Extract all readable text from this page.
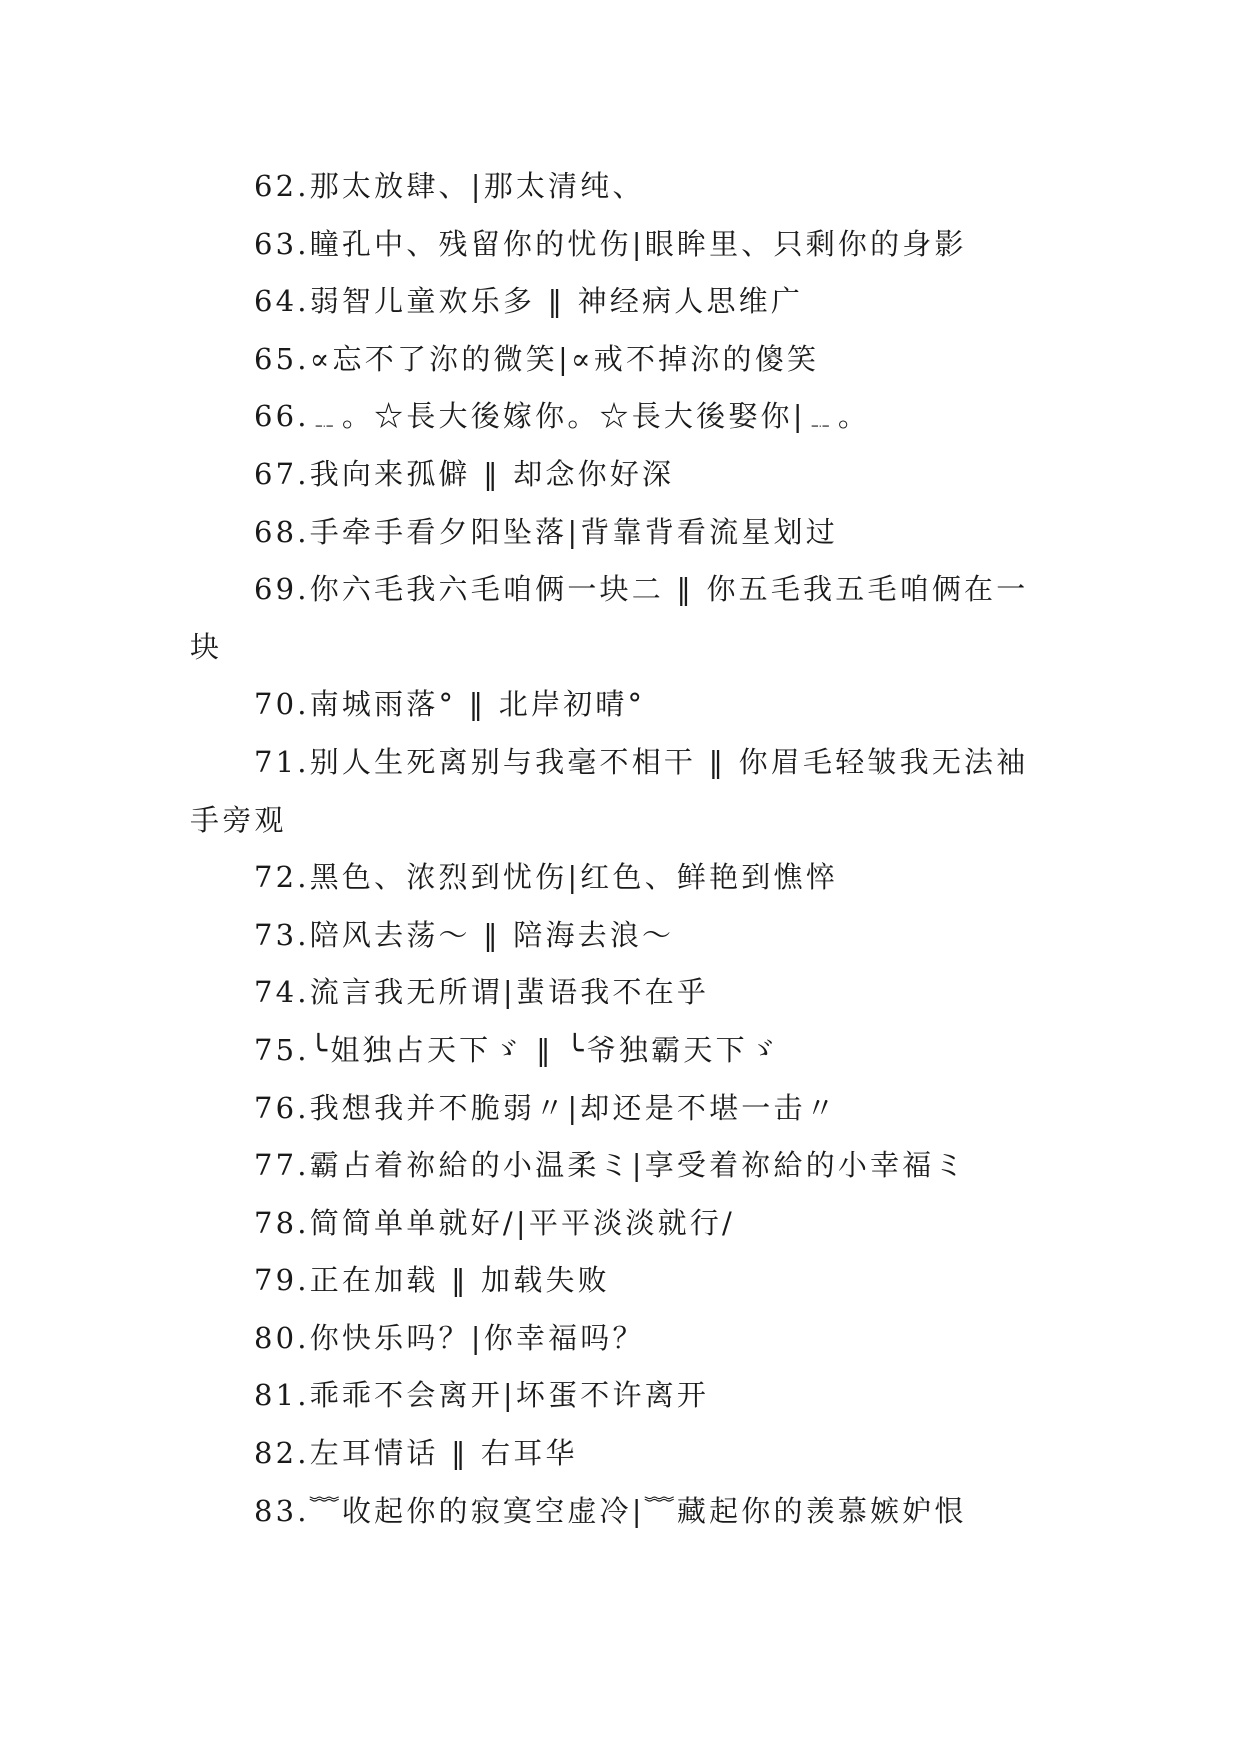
62.那太放肆、|那太清纯、

63.瞳孔中、残留你的忧伤|眼眸里、只剩你的身影

64.弱智儿童欢乐多 ‖ 神经病人思维广

65.∝忘不了沵的微笑|∝戒不掉沵的傻笑

66.﹎。☆長大後嫁你。☆長大後娶你|﹎。

67.我向来孤僻 ‖ 却念你好深

68.手牵手看夕阳坠落|背靠背看流星划过

69.你六毛我六毛咱俩一块二 ‖ 你五毛我五毛咱俩在一块

70.南城雨落° ‖ 北岸初晴°

71.别人生死离别与我毫不相干 ‖ 你眉毛轻皱我无法袖手旁观

72.黑色、浓烈到忧伤|红色、鲜艳到憔悴

73.陪风去荡～ ‖ 陪海去浪～

74.流言我无所谓|蜚语我不在乎

75.╰姐独占天下ゞ ‖ ╰爷独霸天下ゞ

76.我想我并不脆弱〃|却还是不堪一击〃

77.霸占着祢給的小温柔ミ|享受着祢給的小幸福ミ

78.简简单单就好/|平平淡淡就行/

79.正在加载 ‖ 加载失败

80.你快乐吗？|你幸福吗？

81.乖乖不会离开|坏蛋不许离开

82.左耳情话 ‖ 右耳华

83.﹌收起你的寂寞空虚冷|﹌藏起你的羡慕嫉妒恨
